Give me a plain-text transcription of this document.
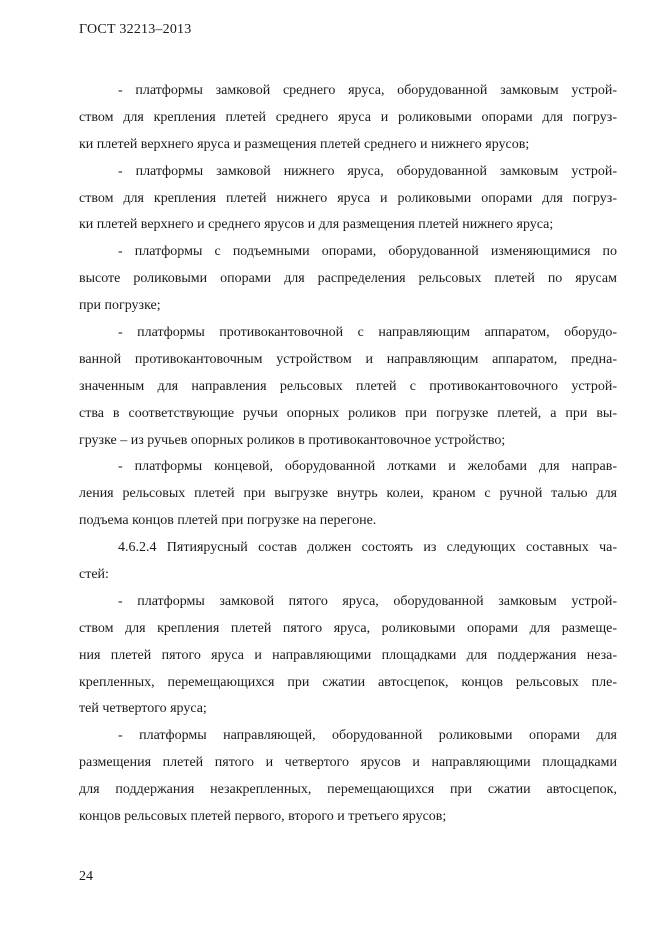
ГОСТ 32213–2013
- платформы замковой среднего яруса, оборудованной замковым устрой-
ством для крепления плетей среднего яруса и роликовыми опорами для погруз-
ки плетей верхнего яруса и размещения плетей среднего и нижнего ярусов;
- платформы замковой нижнего яруса, оборудованной замковым устрой-
ством для крепления плетей нижнего яруса и роликовыми опорами для погруз-
ки плетей верхнего и среднего ярусов и для размещения плетей нижнего яруса;
- платформы с подъемными опорами, оборудованной изменяющимися по
высоте роликовыми опорами для распределения рельсовых плетей по ярусам
при погрузке;
- платформы противокантовочной с направляющим аппаратом, оборудо-
ванной противокантовочным устройством и направляющим аппаратом, предна-
значенным для направления рельсовых плетей с противокантовочного устрой-
ства в соответствующие ручьи опорных роликов при погрузке плетей, а при вы-
грузке – из ручьев опорных роликов в противокантовочное устройство;
- платформы концевой, оборудованной лотками и желобами для направ-
ления рельсовых плетей при выгрузке внутрь колеи, краном с ручной талью для
подъема концов плетей при погрузке на перегоне.
4.6.2.4 Пятиярусный состав должен состоять из следующих составных ча-
стей:
- платформы замковой пятого яруса, оборудованной замковым устрой-
ством для крепления плетей пятого яруса, роликовыми опорами для размеще-
ния плетей пятого яруса и направляющими площадками для поддержания неза-
крепленных, перемещающихся при сжатии автосцепок, концов рельсовых пле-
тей четвертого яруса;
- платформы направляющей, оборудованной роликовыми опорами для
размещения плетей пятого и четвертого ярусов и направляющими площадками
для поддержания незакрепленных, перемещающихся при сжатии автосцепок,
концов рельсовых плетей первого, второго и третьего ярусов;
24
